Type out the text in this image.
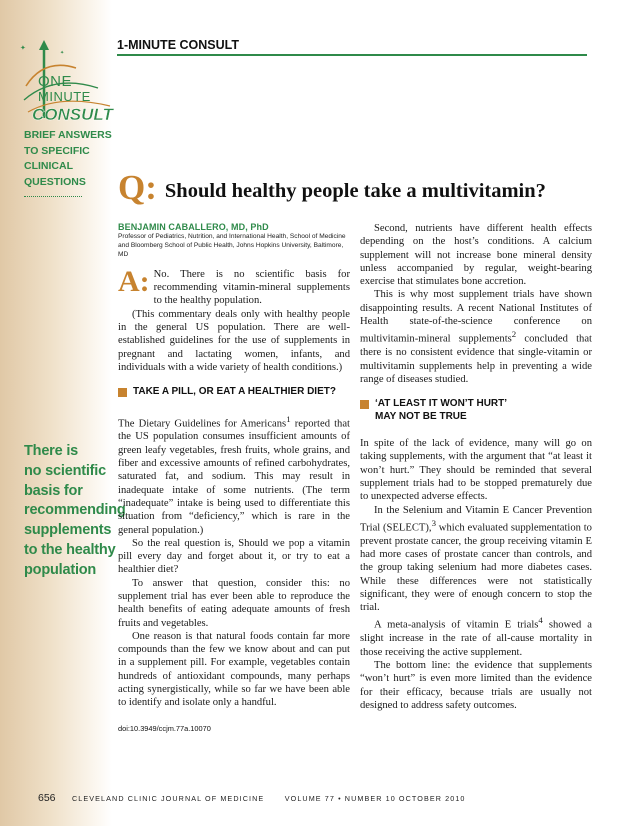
1-MINUTE CONSULT
✦
✦
ONE
MINUTE
CONSULT
BRIEF ANSWERS
TO SPECIFIC
CLINICAL
QUESTIONS
There is
no scientific
basis for
recommending
supplements
to the healthy
population
Q: Should healthy people take a multivitamin?
BENJAMIN CABALLERO, MD, PhD
Professor of Pediatrics, Nutrition, and International Health, School of Medicine and Bloomberg School of Public Health, Johns Hopkins University, Baltimore, MD

A: No. There is no scientific basis for recommending vitamin-mineral supplements to the healthy population.

(This commentary deals only with healthy people in the general US population. There are well-established guidelines for the use of supplements in pregnant and lactating women, infants, and individuals with a wide variety of health conditions.)

TAKE A PILL, OR EAT A HEALTHIER DIET?

The Dietary Guidelines for Americans$^1$ reported that the US population consumes insufficient amounts of green leafy vegetables, fresh fruits, whole grains, and fiber and excessive amounts of refined carbohydrates, saturated fat, and sodium. This may result in inadequate intake of some nutrients. (The term “inadequate” intake is being used to differentiate this situation from “deficiency,” which is rare in the general population.)

So the real question is, Should we pop a vitamin pill every day and forget about it, or try to eat a healthier diet?

To answer that question, consider this: no supplement trial has ever been able to reproduce the health benefits of eating adequate amounts of fresh fruits and vegetables.

One reason is that natural foods contain far more compounds than the few we know about and can put in a supplement pill. For example, vegetables contain hundreds of antioxidant compounds, many perhaps acting synergistically, while so far we have been able to identify and isolate only a handful.

doi:10.3949/ccjm.77a.10070

Second, nutrients have different health effects depending on the host’s conditions. A calcium supplement will not increase bone mineral density unless accompanied by regular, weight-bearing exercise that stimulates bone accretion.

This is why most supplement trials have shown disappointing results. A recent National Institutes of Health state-of-the-science conference on multivitamin-mineral supplements$^2$ concluded that there is no consistent evidence that single-vitamin or multivitamin supplements help in preventing a wide range of diseases studied.

‘AT LEAST IT WON’T HURT’
MAY NOT BE TRUE

In spite of the lack of evidence, many will go on taking supplements, with the argument that “at least it won’t hurt.” They should be reminded that several supplement trials had to be stopped prematurely due to unexpected adverse effects.

In the Selenium and Vitamin E Cancer Prevention Trial (SELECT),$^3$ which evaluated supplementation to prevent prostate cancer, the group receiving vitamin E had more cases of prostate cancer than controls, and the group taking selenium had more diabetes cases. While these differences were not statistically significant, they were of enough concern to stop the trial.

A meta-analysis of vitamin E trials$^4$ showed a slight increase in the rate of all-cause mortality in those receiving the active supplement.

The bottom line: the evidence that supplements “won’t hurt” is even more limited than the evidence for their efficacy, because trials are usually not designed to address safety outcomes.

656 CLEVELAND CLINIC JOURNAL OF MEDICINE	VOLUME 77 • NUMBER 10 OCTOBER 2010
